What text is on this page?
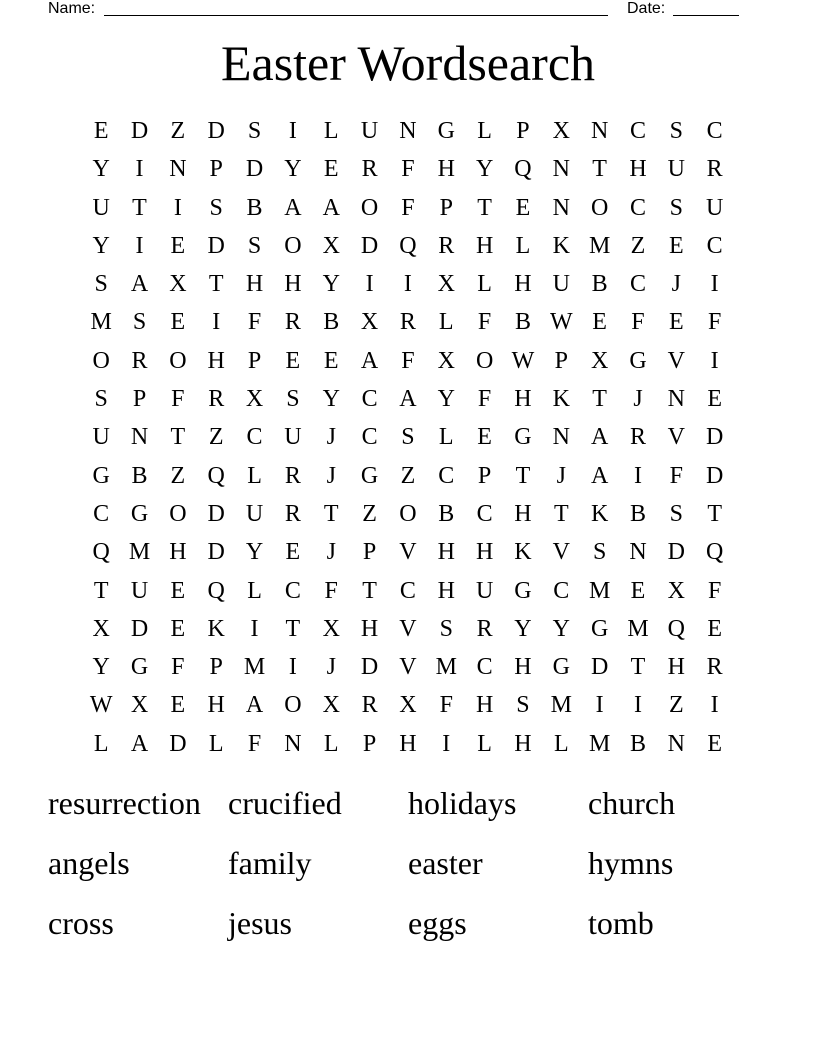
Name:	Date:
Easter Wordsearch
E D Z D S	I	L U N G L	P X N C S C
Y	I	N P D Y E R F H Y Q N T H U R
U T	I	S B A A O F	P	T E N O C S U
Y	I	E D S O X D Q R H L K M Z E C
S A X T H H Y	I	I	X L H U B C	J	I
M S	E	I	F R B X R L	F B W E	F	E	F
O R O H P	E E A F X O W P X G V	I
S	P	F R X S Y C A Y F H K T	J	N E
U N T Z C U	J	C S	L E G N A R V D
G B Z Q L R	J	G Z C P	T	J	A	I	F D
C G O D U R T Z O B C H T K B S	T
Q M H D Y E	J	P V H H K V S N D Q
T U E Q L C F	T C H U G C M E X F
X D E K	I	T X H V S R Y Y G M Q E
Y G F	P M I	J	D V M C H G D T H R
W X E H A O X R X F H S M I	I	Z	I
L A D L	F N L	P H	I	L H L M B N E
resurrection crucified	holidays	church
angels	family	easter	hymns
cross	jesus	eggs	tomb
